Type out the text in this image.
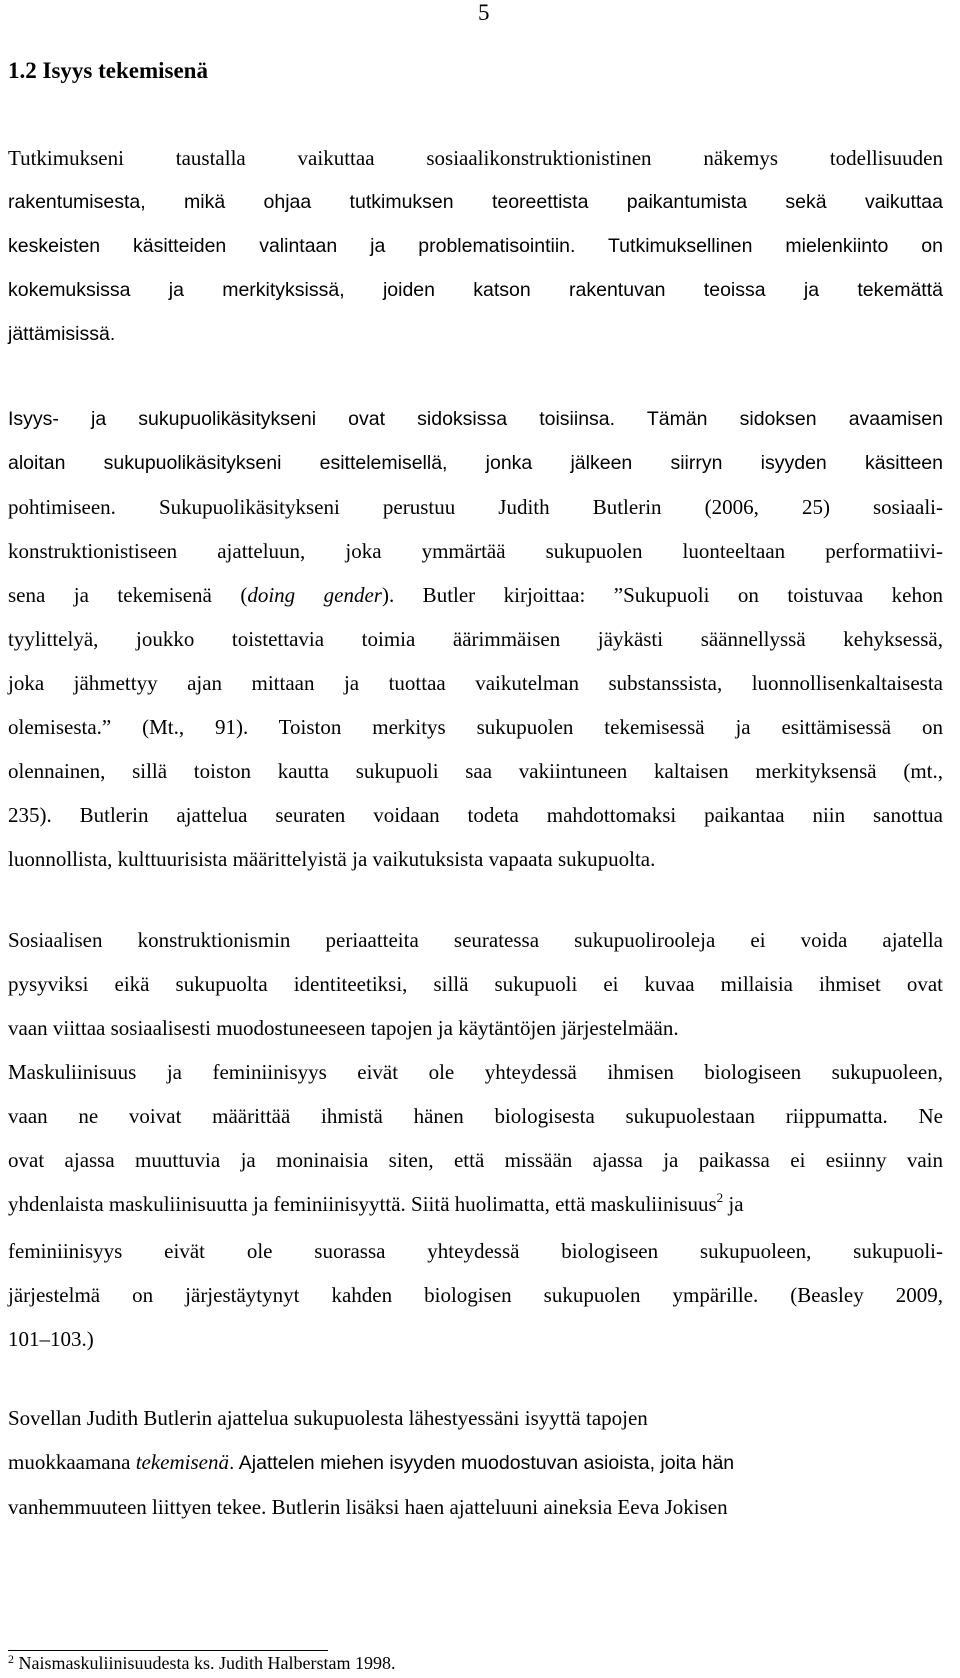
5
1.2 Isyys tekemisenä
Tutkimukseni taustalla vaikuttaa sosiaalikonstruktionistinen näkemys todellisuuden
rakentumisesta, mikä ohjaa tutkimuksen teoreettista paikantumista sekä vaikuttaa
keskeisten käsitteiden valintaan ja problematisointiin. Tutkimuksellinen mielenkiinto on
kokemuksissa ja merkityksissä, joiden katson rakentuvan teoissa ja tekemättä
jättämisissä.
Isyys- ja sukupuolikäsitykseni ovat sidoksissa toisiinsa. Tämän sidoksen avaamisen
aloitan sukupuolikäsitykseni esittelemisellä, jonka jälkeen siirryn isyyden käsitteen
pohtimiseen. Sukupuolikäsitykseni perustuu Judith Butlerin (2006, 25) sosiaali-
konstruktionistiseen ajatteluun, joka ymmärtää sukupuolen luonteeltaan performatiivi-
sena ja tekemisenä (doing gender). Butler kirjoittaa: ”Sukupuoli on toistuvaa kehon
tyylittelyä, joukko toistettavia toimia äärimmäisen jäykästi säännellyssä kehyksessä,
joka jähmettyy ajan mittaan ja tuottaa vaikutelman substanssista, luonnollisenkaltaisesta
olemisesta.” (Mt., 91). Toiston merkitys sukupuolen tekemisessä ja esittämisessä on
olennainen, sillä toiston kautta sukupuoli saa vakiintuneen kaltaisen merkityksensä (mt.,
235). Butlerin ajattelua seuraten voidaan todeta mahdottomaksi paikantaa niin sanottua
luonnollista, kulttuurisista määrittelyistä ja vaikutuksista vapaata sukupuolta.
Sosiaalisen konstruktionismin periaatteita seuratessa sukupuolirooleja ei voida ajatella
pysyviksi eikä sukupuolta identiteetiksi, sillä sukupuoli ei kuvaa millaisia ihmiset ovat
vaan viittaa sosiaalisesti muodostuneeseen tapojen ja käytäntöjen järjestelmään.
Maskuliinisuus ja feminiinisyys eivät ole yhteydessä ihmisen biologiseen sukupuoleen,
vaan ne voivat määrittää ihmistä hänen biologisesta sukupuolestaan riippumatta. Ne
ovat ajassa muuttuvia ja moninaisia siten, että missään ajassa ja paikassa ei esiinny vain
yhdenlaista maskuliinisuutta ja feminiinisyyttä. Siitä huolimatta, että maskuliinisuus$^2$ ja
feminiinisyys eivät ole suorassa yhteydessä biologiseen sukupuoleen, sukupuoli-
järjestelmä on järjestäytynyt kahden biologisen sukupuolen ympärille. (Beasley 2009,
101–103.)
Sovellan Judith Butlerin ajattelua sukupuolesta lähestyessäni isyyttä tapojen
muokkaamana tekemisenä. Ajattelen miehen isyyden muodostuvan asioista, joita hän
vanhemmuuteen liittyen tekee. Butlerin lisäksi haen ajatteluuni aineksia Eeva Jokisen
$^2$ Naismaskuliinisuudesta ks. Judith Halberstam 1998.
